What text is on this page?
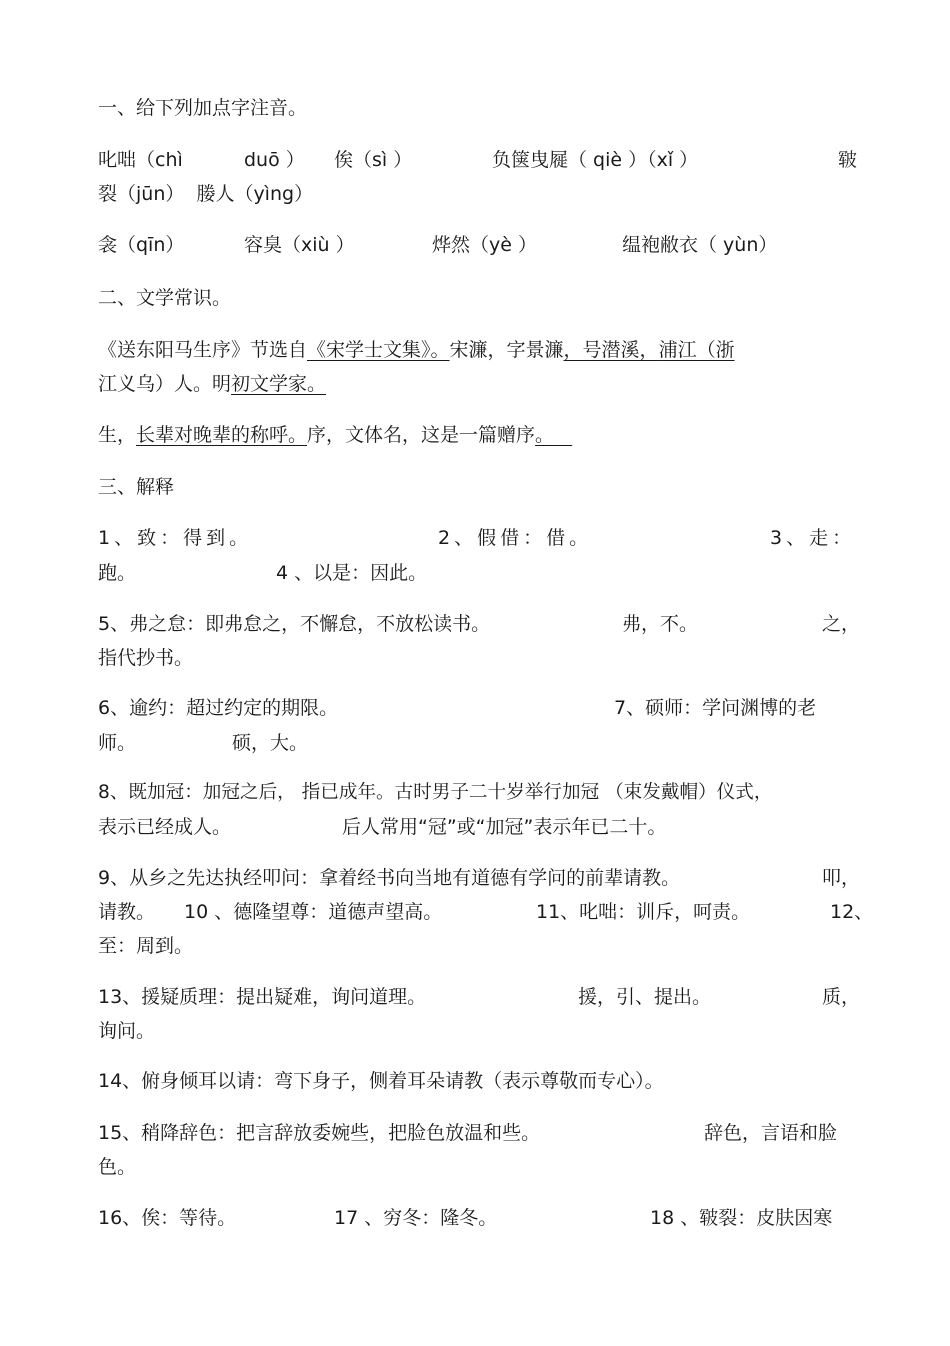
一、给下列加点字注音。

叱咄（chì	duō ） 俟（sì ）	负箧曳屣（ qiè ）（xǐ ）	皲

裂（jūn）  媵人（yìng）

衾（qīn）	容臭（xiù ）	烨然（yè ）	缊袍敝衣（ yùn）

二、文学常识。

《送东阳马生序》节选自《宋学士文集》。宋濂，字景濂，号潜溪，浦江（浙

江义乌）人。明初文学家。

生，长辈对晚辈的称呼。序，文体名，这是一篇赠序。

三、解释

1、致：得到。	2、假借：借。	3、走：
跑。	4 、以是：因此。
5、弗之怠：即弗怠之，不懈怠，不放松读书。	弗，不。	之，

指代抄书。

6、逾约：超过约定的期限。	7、硕师：学问渊博的老
师。	硕，大。

8、既加冠：加冠之后， 指已成年。古时男子二十岁举行加冠 （束发戴帽）仪式，

表示已经成人。	后人常用“冠”或“加冠”表示年已二十。
9、从乡之先达执经叩问：拿着经书向当地有道德有学问的前辈请教。	叩，
请教。 10 、德隆望尊：道德声望高。	11、叱咄：训斥，呵责。	12、

至：周到。

13、援疑质理：提出疑难，询问道理。	援，引、提出。	质，

询问。

14、俯身倾耳以请：弯下身子，侧着耳朵请教（表示尊敬而专心）。

15、稍降辞色：把言辞放委婉些，把脸色放温和些。	辞色，言语和脸

色。

16、俟：等待。	17 、穷冬：隆冬。	18 、皲裂：皮肤因寒
